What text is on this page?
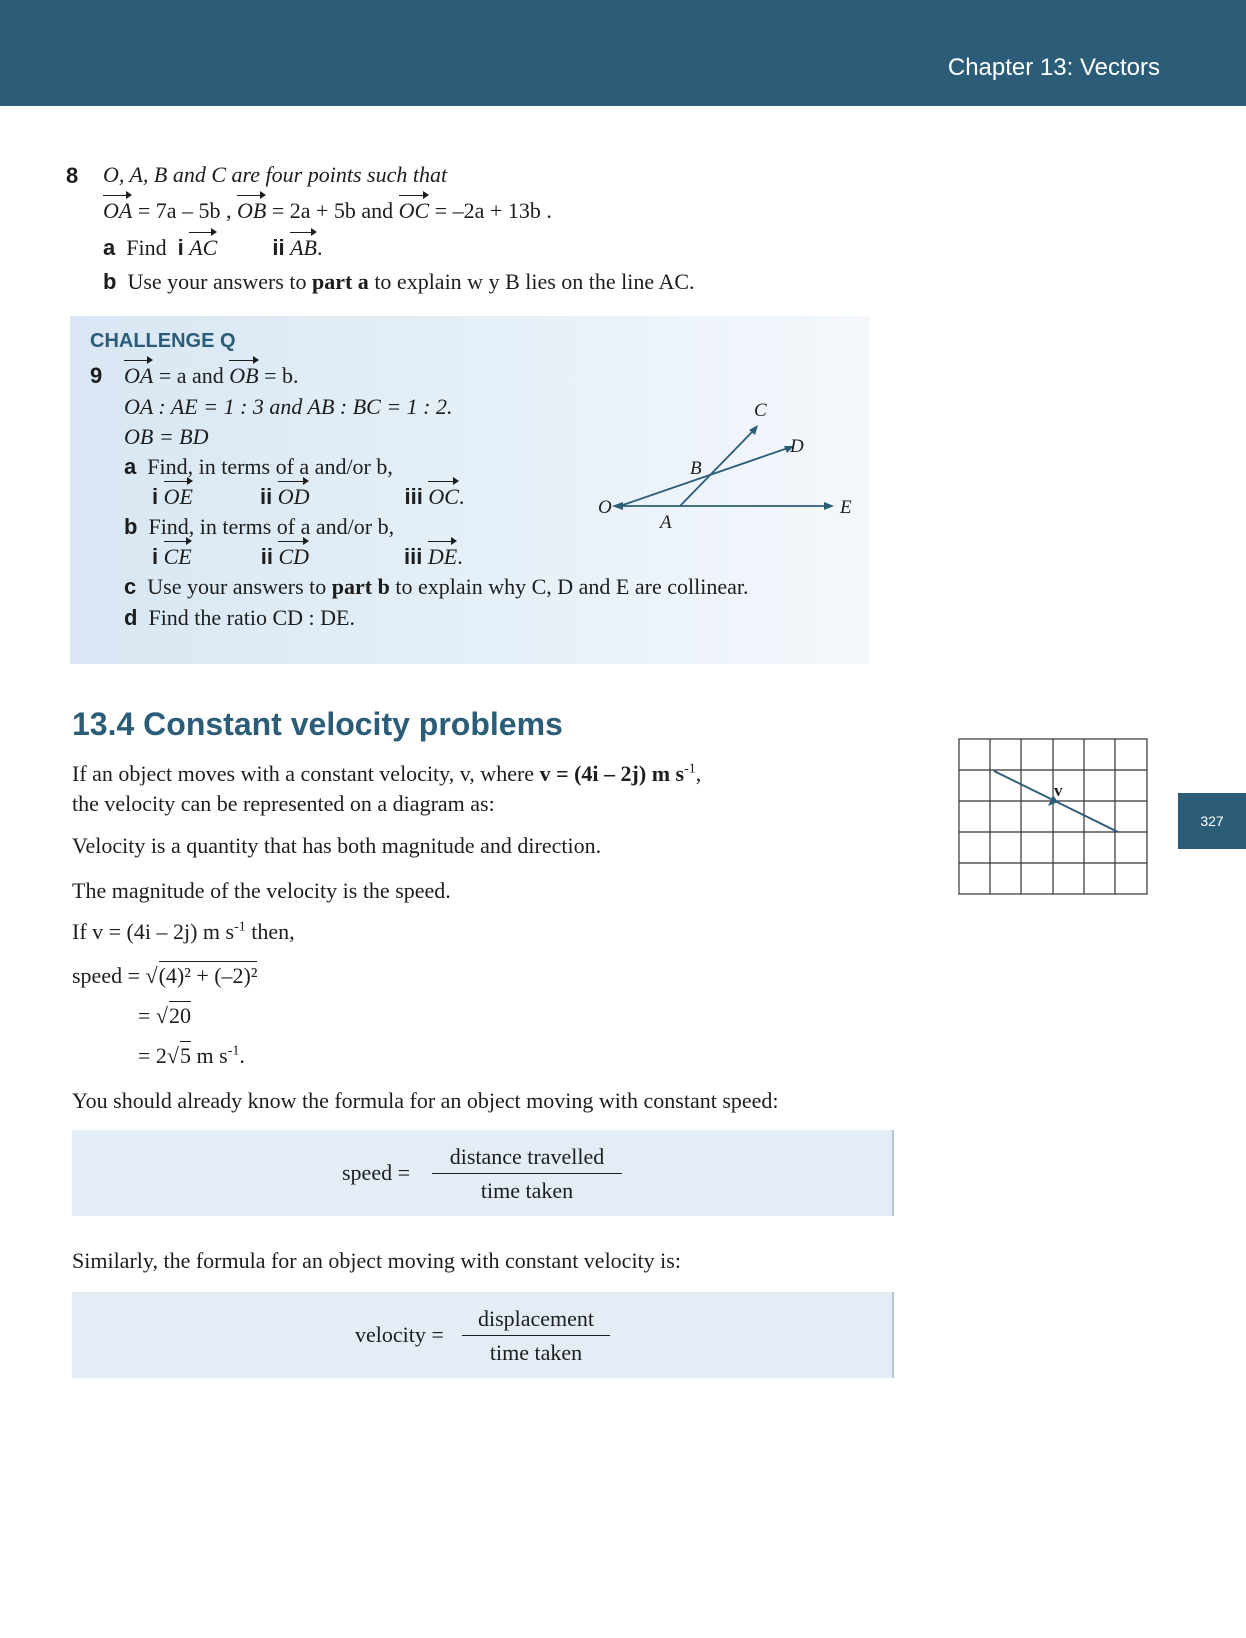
Chapter 13: Vectors
327
8 O, A, B and C are four points such that
OA = 7a – 5b , OB = 2a + 5b and OC = –2a + 13b .
a Find i AC	ii AB.
b Use your answers to part a to explain w y B lies on the line AC.
CHALLENGE Q
9 OA = a and OB = b.
OA : AE = 1 : 3 and AB : BC = 1 : 2.
OB = BD
a Find, in terms of a and/or b,
i OE	ii OD	iii OC.
b Find, in terms of a and/or b,
i CE	ii CD	iii DE.
c Use your answers to part b to explain why C, D and E are collinear.
d Find the ratio CD : DE.
C
D
B
O
A
E
13.4 Constant velocity problems
If an object moves with a constant velocity, v, where v = (4i – 2j) m $s^{-1}$,
the velocity can be represented on a diagram as:
Velocity is a quantity that has both magnitude and direction.
The magnitude of the velocity is the speed.
If v = (4i – 2j) m $s^{-1}$ then,
speed = √(4)² + (–2)²
= √20
= 2√5 m $s^{-1}$.
You should already know the formula for an object moving with constant speed:
speed =
distance travelled
time taken
Similarly, the formula for an object moving with constant velocity is:
velocity =
displacement
time taken
v
